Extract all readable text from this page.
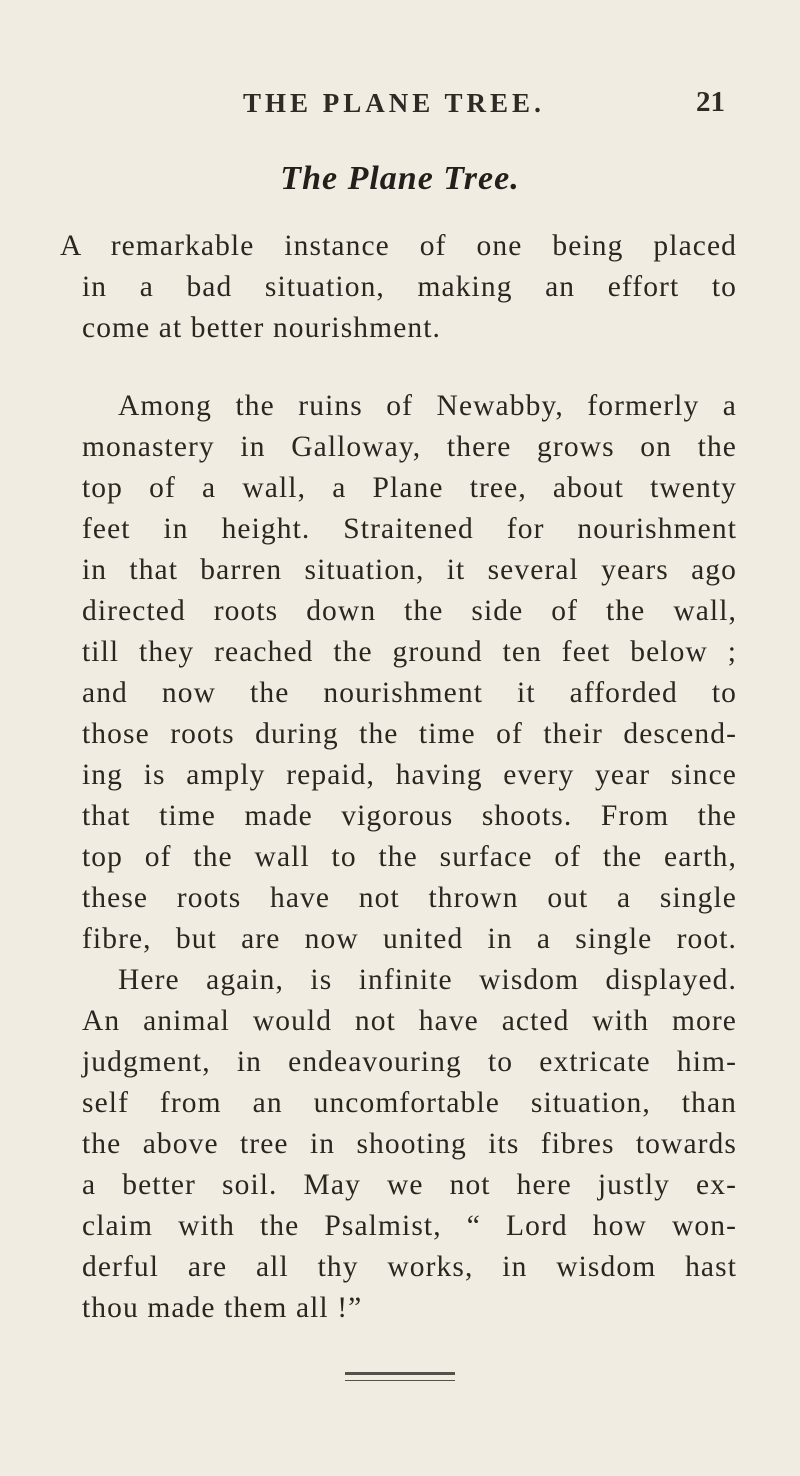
THE PLANE TREE.	21
The Plane Tree.
A remarkable instance of one being placed
in a bad situation, making an effort to
come at better nourishment.
Among the ruins of Newabby, formerly a
monastery in Galloway, there grows on the
top of a wall, a Plane tree, about twenty
feet in height. Straitened for nourishment
in that barren situation, it several years ago
directed roots down the side of the wall,
till they reached the ground ten feet below ;
and now the nourishment it afforded to
those roots during the time of their descend-
ing is amply repaid, having every year since
that time made vigorous shoots. From the
top of the wall to the surface of the earth,
these roots have not thrown out a single
fibre, but are now united in a single root.
Here again, is infinite wisdom displayed.
An animal would not have acted with more
judgment, in endeavouring to extricate him-
self from an uncomfortable situation, than
the above tree in shooting its fibres towards
a better soil. May we not here justly ex-
claim with the Psalmist, “ Lord how won-
derful are all thy works, in wisdom hast
thou made them all !”
